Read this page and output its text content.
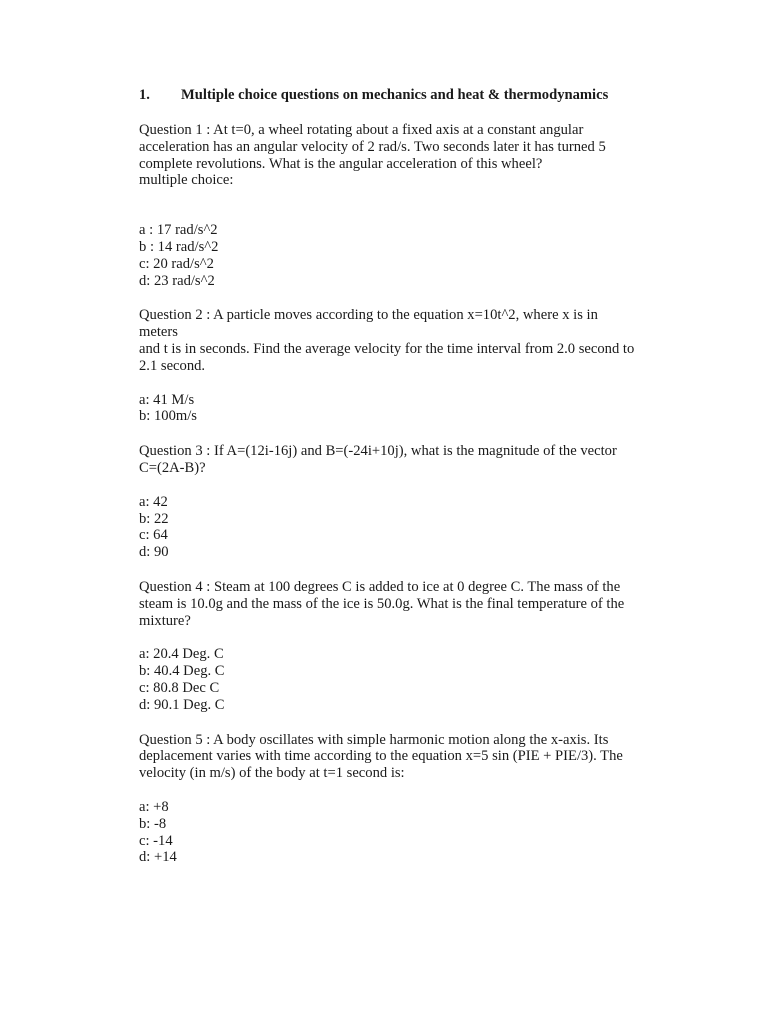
1.	Multiple choice questions on mechanics and heat & thermodynamics
Question 1 : At t=0, a wheel rotating about a fixed axis at a constant angular
acceleration has an angular velocity of 2 rad/s. Two seconds later it has turned 5
complete revolutions. What is the angular acceleration of this wheel?
multiple choice:
a : 17 rad/s^2
b : 14 rad/s^2
c: 20 rad/s^2
d: 23 rad/s^2
Question 2 : A particle moves according to the equation x=10t^2, where x is in meters
and t is in seconds. Find the average velocity for the time interval from 2.0 second to
2.1 second.
a: 41 M/s
b: 100m/s
Question 3 : If A=(12i-16j) and B=(-24i+10j), what is the magnitude of the vector
C=(2A-B)?
a: 42
b: 22
c: 64
d: 90
Question 4 : Steam at 100 degrees C is added to ice at 0 degree C. The mass of the
steam is 10.0g and the mass of the ice is 50.0g. What is the final temperature of the
mixture?
a: 20.4 Deg. C
b: 40.4 Deg. C
c: 80.8 Dec C
d: 90.1 Deg. C
Question 5 : A body oscillates with simple harmonic motion along the x-axis. Its
deplacement varies with time according to the equation x=5 sin (PIE + PIE/3). The
velocity (in m/s) of the body at t=1 second is:
a: +8
b: -8
c: -14
d: +14
